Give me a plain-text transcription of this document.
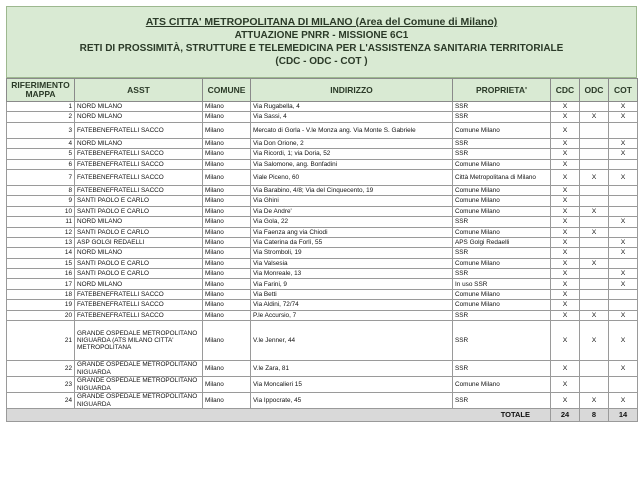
ATS CITTA' METROPOLITANA DI MILANO (Area del Comune di Milano)
ATTUAZIONE PNRR - MISSIONE 6C1
RETI DI PROSSIMITÀ, STRUTTURE E TELEMEDICINA PER L'ASSISTENZA SANITARIA TERRITORIALE
(CDC - ODC - COT )
RIFERIMENTO MAPPA	ASST	COMUNE	INDIRIZZO	PROPRIETA'	CDC	ODC	COT
1	NORD MILANO	Milano	Via Rugabella, 4	SSR	X		X
2	NORD MILANO	Milano	Via Sassi, 4	SSR	X	X	X
3	FATEBENEFRATELLI SACCO	Milano	Mercato di Gorla - V.le Monza ang. Via Monte S. Gabriele	Comune Milano	X		
4	NORD MILANO	Milano	Via Don Orione, 2	SSR	X		X
5	FATEBENEFRATELLI SACCO	Milano	Via Ricordi, 1; via Doria, 52	SSR	X		X
6	FATEBENEFRATELLI SACCO	Milano	Via Salomone, ang. Bonfadini	Comune Milano	X		
7	FATEBENEFRATELLI SACCO	Milano	Viale Piceno, 60	Città Metropolitana di Milano	X	X	X
8	FATEBENEFRATELLI SACCO	Milano	Via Barabino, 4/8; Via del Cinquecento, 19	Comune Milano	X		
9	SANTI PAOLO E CARLO	Milano	Via Ghini	Comune Milano	X		
10	SANTI PAOLO E CARLO	Milano	Via De Andre'	Comune Milano	X	X	
11	NORD MILANO	Milano	Via Gola, 22	SSR	X		X
12	SANTI PAOLO E CARLO	Milano	Via Faenza ang via Chiodi	Comune Milano	X	X	
13	ASP GOLGI REDAELLI	Milano	Via Caterina da Forlì, 55	APS Golgi Redaelli	X		X
14	NORD MILANO	Milano	Via Stromboli, 19	SSR	X		X
15	SANTI PAOLO E CARLO	Milano	Via Valsesia	Comune Milano	X	X	
16	SANTI PAOLO E CARLO	Milano	Via Monreale, 13	SSR	X		X
17	NORD MILANO	Milano	Via Farini, 9	In uso SSR	X		X
18	FATEBENEFRATELLI SACCO	Milano	Via Betti	Comune Milano	X		
19	FATEBENEFRATELLI SACCO	Milano	Via Aldini, 72/74	Comune Milano	X		
20	FATEBENEFRATELLI SACCO	Milano	P.le Accursio, 7	SSR	X	X	X
21	GRANDE OSPEDALE METROPOLITANO NIGUARDA (ATS MILANO CITTA' METROPOLITANA	Milano	V.le Jenner, 44	SSR	X	X	X
22	GRANDE OSPEDALE METROPOLITANO NIGUARDA	Milano	V.le Zara, 81	SSR	X		X
23	GRANDE OSPEDALE METROPOLITANO NIGUARDA	Milano	Via Moncalieri 15	Comune Milano	X		
24	GRANDE OSPEDALE METROPOLITANO NIGUARDA	Milano	Via Ippocrate, 45	SSR	X	X	X
TOTALE					24	8	14
